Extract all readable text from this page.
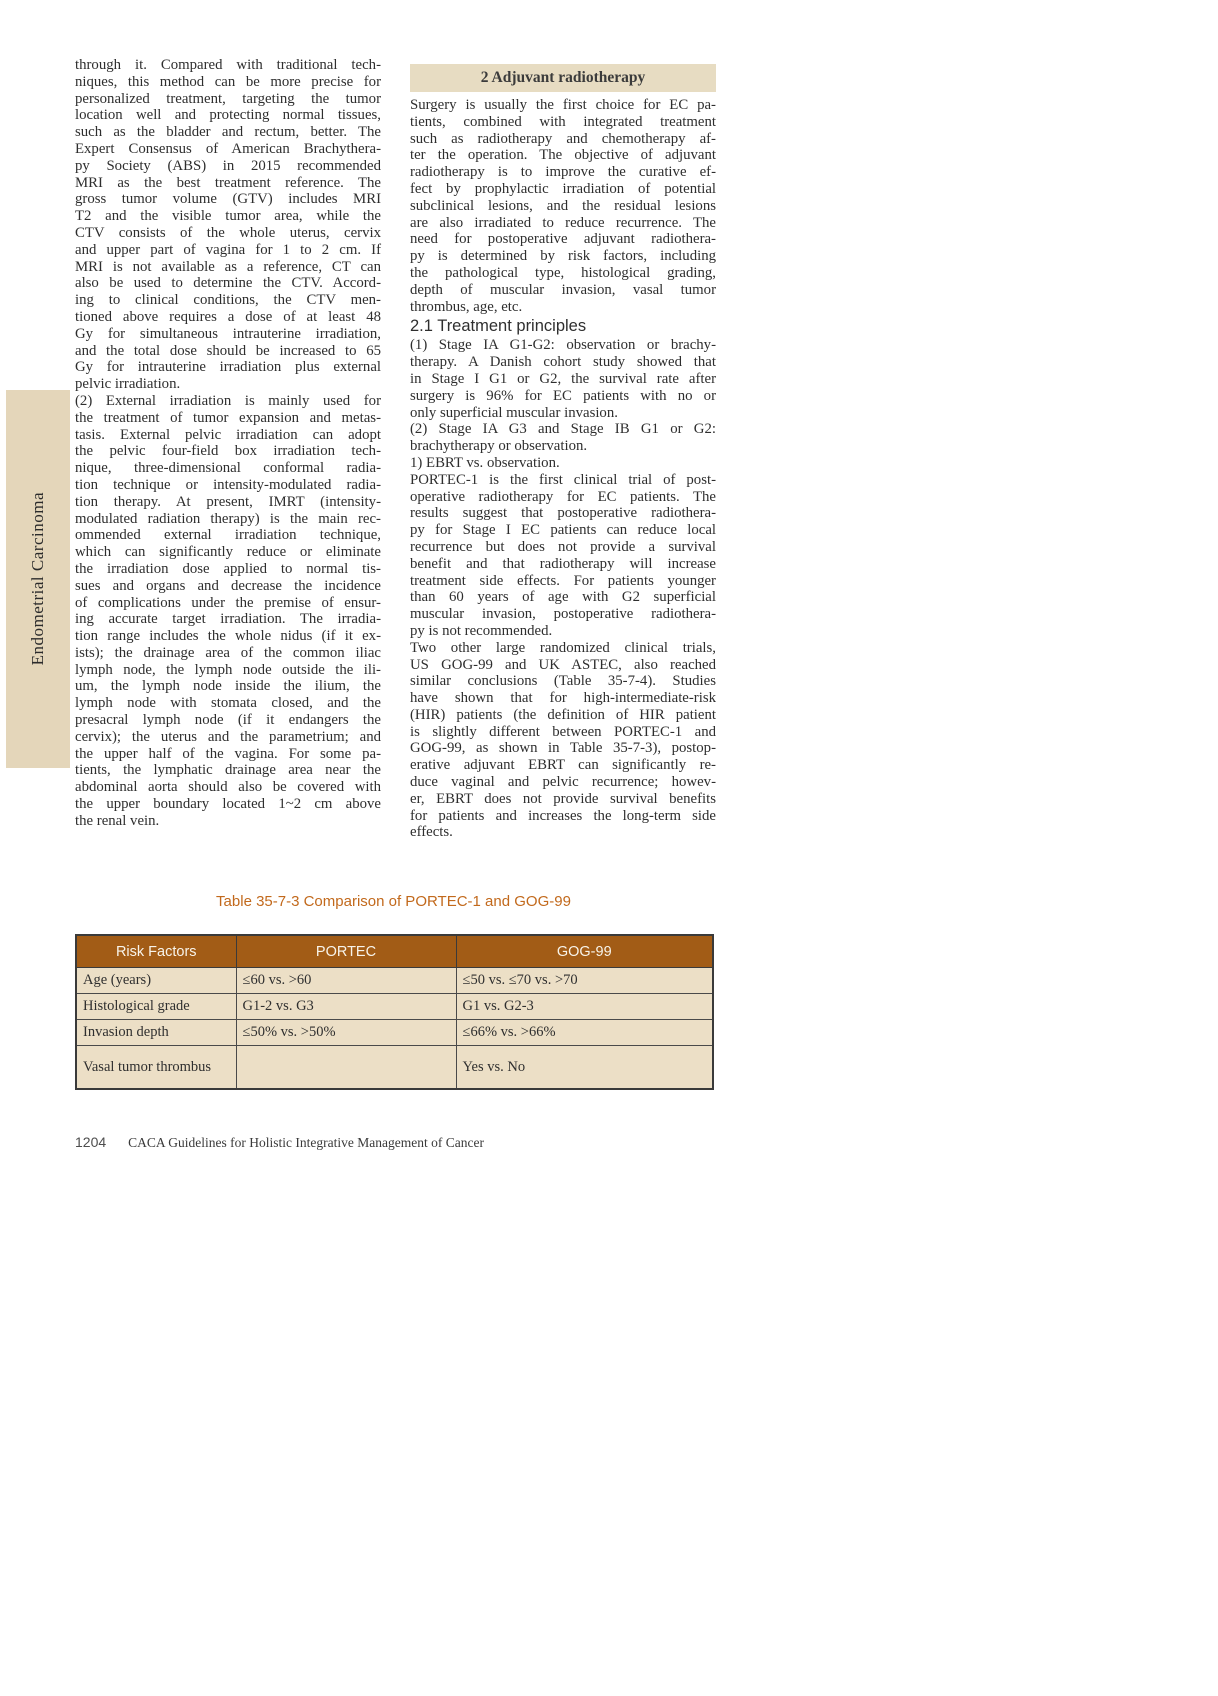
Endometrial Carcinoma
through it. Compared with traditional tech-
niques, this method can be more precise for
personalized treatment, targeting the tumor
location well and protecting normal tissues,
such as the bladder and rectum, better. The
Expert Consensus of American Brachythera-
py Society (ABS) in 2015 recommended
MRI as the best treatment reference. The
gross tumor volume (GTV) includes MRI
T2 and the visible tumor area, while the
CTV consists of the whole uterus, cervix
and upper part of vagina for 1 to 2 cm. If
MRI is not available as a reference, CT can
also be used to determine the CTV. Accord-
ing to clinical conditions, the CTV men-
tioned above requires a dose of at least 48
Gy for simultaneous intrauterine irradiation,
and the total dose should be increased to 65
Gy for intrauterine irradiation plus external
pelvic irradiation.
(2) External irradiation is mainly used for
the treatment of tumor expansion and metas-
tasis. External pelvic irradiation can adopt
the pelvic four-field box irradiation tech-
nique, three-dimensional conformal radia-
tion technique or intensity-modulated radia-
tion therapy. At present, IMRT (intensity-
modulated radiation therapy) is the main rec-
ommended external irradiation technique,
which can significantly reduce or eliminate
the irradiation dose applied to normal tis-
sues and organs and decrease the incidence
of complications under the premise of ensur-
ing accurate target irradiation. The irradia-
tion range includes the whole nidus (if it ex-
ists); the drainage area of the common iliac
lymph node, the lymph node outside the ili-
um, the lymph node inside the ilium, the
lymph node with stomata closed, and the
presacral lymph node (if it endangers the
cervix); the uterus and the parametrium; and
the upper half of the vagina. For some pa-
tients, the lymphatic drainage area near the
abdominal aorta should also be covered with
the upper boundary located 1~2 cm above
the renal vein.
2 Adjuvant radiotherapy
Surgery is usually the first choice for EC pa-
tients, combined with integrated treatment
such as radiotherapy and chemotherapy af-
ter the operation. The objective of adjuvant
radiotherapy is to improve the curative ef-
fect by prophylactic irradiation of potential
subclinical lesions, and the residual lesions
are also irradiated to reduce recurrence. The
need for postoperative adjuvant radiothera-
py is determined by risk factors, including
the pathological type, histological grading,
depth of muscular invasion, vasal tumor
thrombus, age, etc.
2.1 Treatment principles
(1) Stage IA G1-G2: observation or brachy-
therapy. A Danish cohort study showed that
in Stage I G1 or G2, the survival rate after
surgery is 96% for EC patients with no or
only superficial muscular invasion.
(2) Stage IA G3 and Stage IB G1 or G2:
brachytherapy or observation.
1) EBRT vs. observation.
PORTEC-1 is the first clinical trial of post-
operative radiotherapy for EC patients. The
results suggest that postoperative radiothera-
py for Stage I EC patients can reduce local
recurrence but does not provide a survival
benefit and that radiotherapy will increase
treatment side effects. For patients younger
than 60 years of age with G2 superficial
muscular invasion, postoperative radiothera-
py is not recommended.
Two other large randomized clinical trials,
US GOG-99 and UK ASTEC, also reached
similar conclusions (Table 35-7-4). Studies
have shown that for high-intermediate-risk
(HIR) patients (the definition of HIR patient
is slightly different between PORTEC-1 and
GOG-99, as shown in Table 35-7-3), postop-
erative adjuvant EBRT can significantly re-
duce vaginal and pelvic recurrence; howev-
er, EBRT does not provide survival benefits
for patients and increases the long-term side
effects.
Table 35-7-3 Comparison of PORTEC-1 and GOG-99
Risk Factors	PORTEC	GOG-99
Age (years)	≤60 vs. >60	≤50 vs. ≤70 vs. >70
Histological grade	G1-2 vs. G3	G1 vs. G2-3
Invasion depth	≤50% vs. >50%	≤66% vs. >66%
Vasal tumor thrombus		Yes vs. No
1204 CACA Guidelines for Holistic Integrative Management of Cancer
